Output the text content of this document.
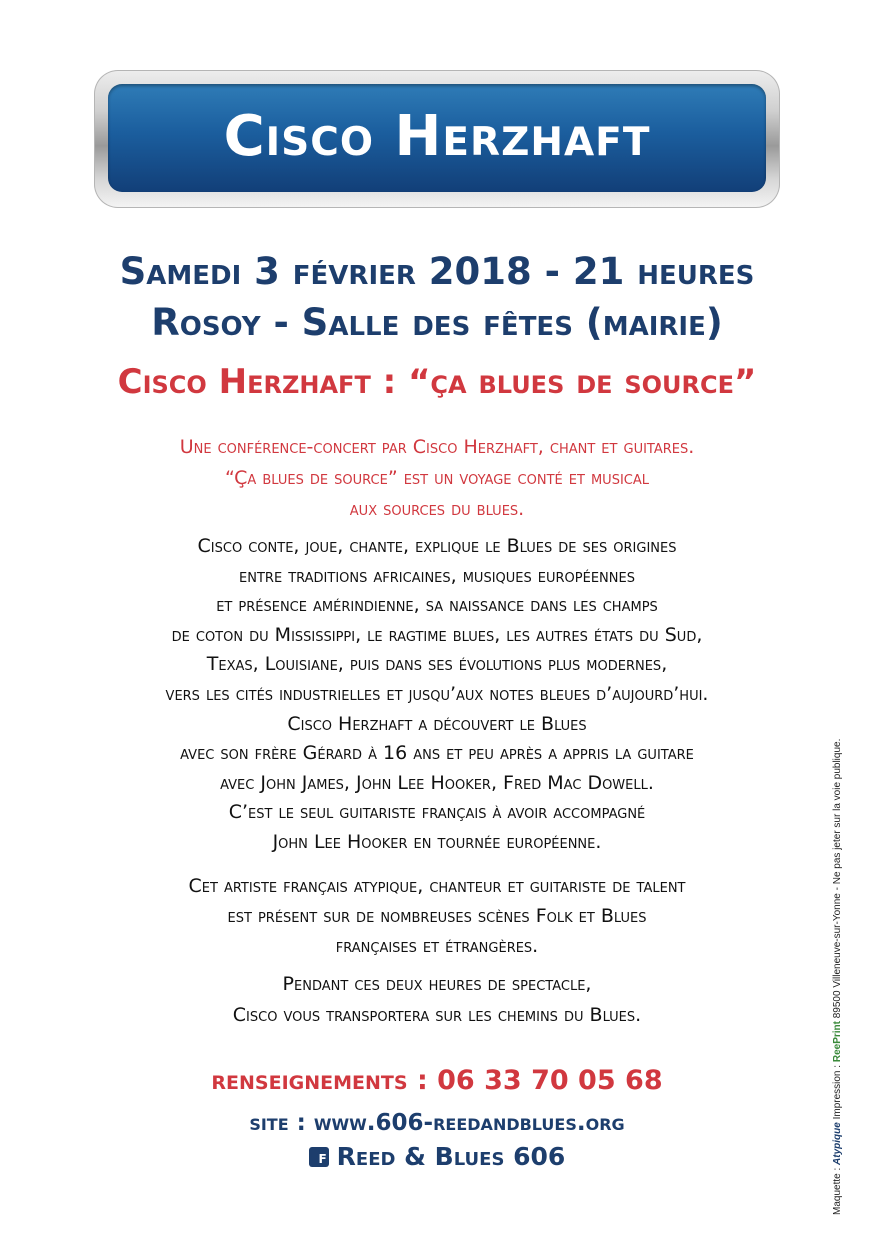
Cisco Herzhaft
Samedi 3 février 2018 - 21 heures
Rosoy - Salle des fêtes (mairie)
Cisco Herzhaft : “ça blues de source”
Une conférence-concert par Cisco Herzhaft, chant et guitares.
“Ça blues de source” est un voyage conté et musical
aux sources du blues.
Cisco conte, joue, chante, explique le Blues de ses origines
entre traditions africaines, musiques européennes
et présence amérindienne, sa naissance dans les champs
de coton du Mississippi, le ragtime blues, les autres états du Sud,
Texas, Louisiane, puis dans ses évolutions plus modernes,
vers les cités industrielles et jusqu’aux notes bleues d’aujourd’hui.
Cisco Herzhaft a découvert le Blues
avec son frère Gérard à 16 ans et peu après a appris la guitare
avec John James, John Lee Hooker, Fred Mac Dowell.
C’est le seul guitariste français à avoir accompagné
John Lee Hooker en tournée européenne.
Cet artiste français atypique, chanteur et guitariste de talent
est présent sur de nombreuses scènes Folk et Blues
françaises et étrangères.
Pendant ces deux heures de spectacle,
Cisco vous transportera sur les chemins du Blues.
renseignements : 06 33 70 05 68
site : www.606-reedandblues.org
f Reed & Blues 606
Maquette : Atypique Impression : ReePrint 89500 Villeneuve-sur-Yonne - Ne pas jeter sur la voie publique.
